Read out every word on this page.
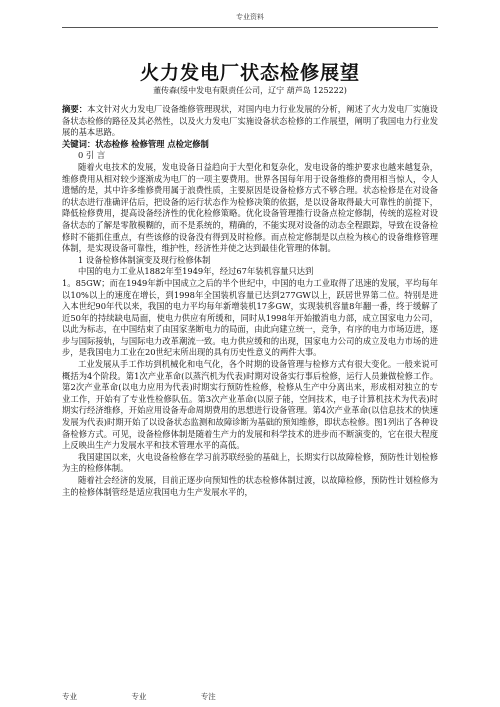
专业资料
火力发电厂状态检修展望
董传森(绥中发电有限责任公司，辽宁 葫芦岛 125222)

摘要：本文针对火力发电厂设备维修管理现状，对国内电力行业发展的分析，阐述了火力发电厂实施设备状态检修的路径及其必然性，以及火力发电厂实施设备状态检修的工作展望，阐明了我国电力行业发展的基本思路。

关键词：状态检修 检修管理 点检定修制

0 引 言

随着火电技术的发展，发电设备日益趋向于大型化和复杂化，发电设备的维护要求也越来越复杂，维修费用从相对较少逐渐成为电厂的一项主要费用。世界各国每年用于设备维修的费用相当惊人，令人遗憾的是，其中许多维修费用属于浪费性质，主要原因是设备检修方式不够合理。状态检修是在对设备的状态进行准确评估后，把设备的运行状态作为检修决策的依据，是以设备取得最大可靠性的前提下，降低检修费用，提高设备经济性的优化检修策略。优化设备管理推行设备点检定修制，传统的巡检对设备状态的了解是零散模糊的，而不是系统的，精确的，不能实现对设备的动态全程跟踪，导致在设备检修时不能抓住重点，有些该修的设备没有得到及时检修。而点检定修制是以点检为核心的设备维修管理体制，是实现设备可靠性，维护性，经济性并使之达到最佳化管理的体制。

1 设备检修体制演变及现行检修体制

中国的电力工业从1882年至1949年，经过67年装机容量只达到

1。85GW；而在1949年新中国成立之后的半个世纪中，中国的电力工业取得了迅速的发展，平均每年以10%以上的速度在增长，到1998年全国装机容量已达到277GW以上，跃居世界第二位。特别是进入本世纪90年代以来，我国的电力平均每年新增装机17多GW，实现装机容量8年翻一番，终于缓解了近50年的持续缺电局面，使电力供应有所缓和，同时从1998年开始撤消电力部，成立国家电力公司，以此为标志，在中国结束了由国家垄断电力的局面，由此向建立统一，竞争，有序的电力市场迈进，逐步与国际接轨，与国际电力改革潮流一致。电力供应缓和的出现，国家电力公司的成立及电力市场的进步，是我国电力工业在20世纪末所出现的具有历史性意义的两件大事。

工业发展从手工作坊到机械化和电气化，各个时期的设备管理与检修方式有很大变化。一般来说可概括为4个阶段。第1次产业革命(以蒸汽机为代表)时期对设备实行事后检修，运行人员兼做检修工作。第2次产业革命(以电力应用为代表)时期实行预防性检修，检修从生产中分离出来，形成相对独立的专业工作，开始有了专业性检修队伍。第3次产业革命(以原子能，空间技术，电子计算机技术为代表)时期实行经济维修，开始应用设备寿命周期费用的思想进行设备管理。第4次产业革命(以信息技术的快速发展为代表)时期开始了以设备状态监测和故障诊断为基础的预知维修，即状态检修。图1列出了各种设备检修方式。可见，设备检修体制是随着生产力的发展和科学技术的进步而不断演变的，它在很大程度上反映出生产力发展水平和技术管理水平的高低。

我国建国以来，火电设备检修在学习前苏联经验的基础上，长期实行以故障检修，预防性计划检修为主的检修体制。

随着社会经济的发展，目前正逐步向预知性的状态检修体制过渡，以故障检修，预防性计划检修为主的检修体制管经是适应我国电力生产发展水平的，

专业	专业	专注
